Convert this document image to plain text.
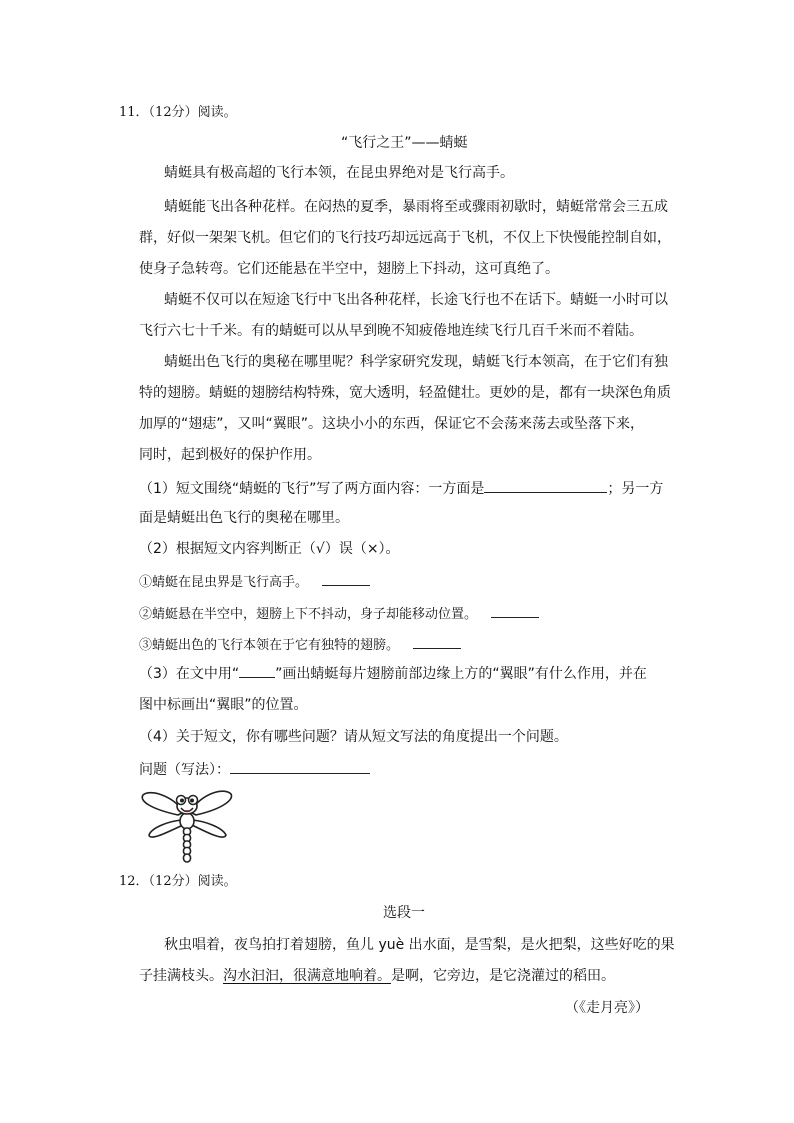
11．（12分）阅读。
“飞行之王”——蜻蜓
蜻蜓具有极高超的飞行本领，在昆虫界绝对是飞行高手。
蜻蜓能飞出各种花样。在闷热的夏季，暴雨将至或骤雨初歇时，蜻蜓常常会三五成
群，好似一架架飞机。但它们的飞行技巧却远远高于飞机，不仅上下快慢能控制自如，
使身子急转弯。它们还能悬在半空中，翅膀上下抖动，这可真绝了。
蜻蜓不仅可以在短途飞行中飞出各种花样，长途飞行也不在话下。蜻蜓一小时可以
飞行六七十千米。有的蜻蜓可以从早到晚不知疲倦地连续飞行几百千米而不着陆。
蜻蜓出色飞行的奥秘在哪里呢？科学家研究发现，蜻蜓飞行本领高，在于它们有独
特的翅膀。蜻蜓的翅膀结构特殊，宽大透明，轻盈健壮。更妙的是，都有一块深色角质
加厚的“翅痣”，又叫“翼眼”。这块小小的东西，保证它不会荡来荡去或坠落下来，
同时，起到极好的保护作用。
（1）短文围绕“蜻蜓的飞行”写了两方面内容：一方面是	；另一方
面是蜻蜓出色飞行的奥秘在哪里。
（2）根据短文内容判断正（√）误（×）。
①蜻蜓在昆虫界是飞行高手。
②蜻蜓悬在半空中，翅膀上下不抖动，身子却能移动位置。
③蜻蜓出色的飞行本领在于它有独特的翅膀。
（3）在文中用“	”画出蜻蜓每片翅膀前部边缘上方的“翼眼”有什么作用，并在
图中标画出“翼眼”的位置。
（4）关于短文，你有哪些问题？请从短文写法的角度提出一个问题。
问题（写法）：
12．（12分）阅读。
选段一
秋虫唱着，夜鸟拍打着翅膀，鱼儿 yuè 出水面，是雪梨，是火把梨，这些好吃的果
子挂满枝头。沟水汩汩，很满意地响着。是啊，它旁边，是它浇灌过的稻田。
（《走月亮》）
